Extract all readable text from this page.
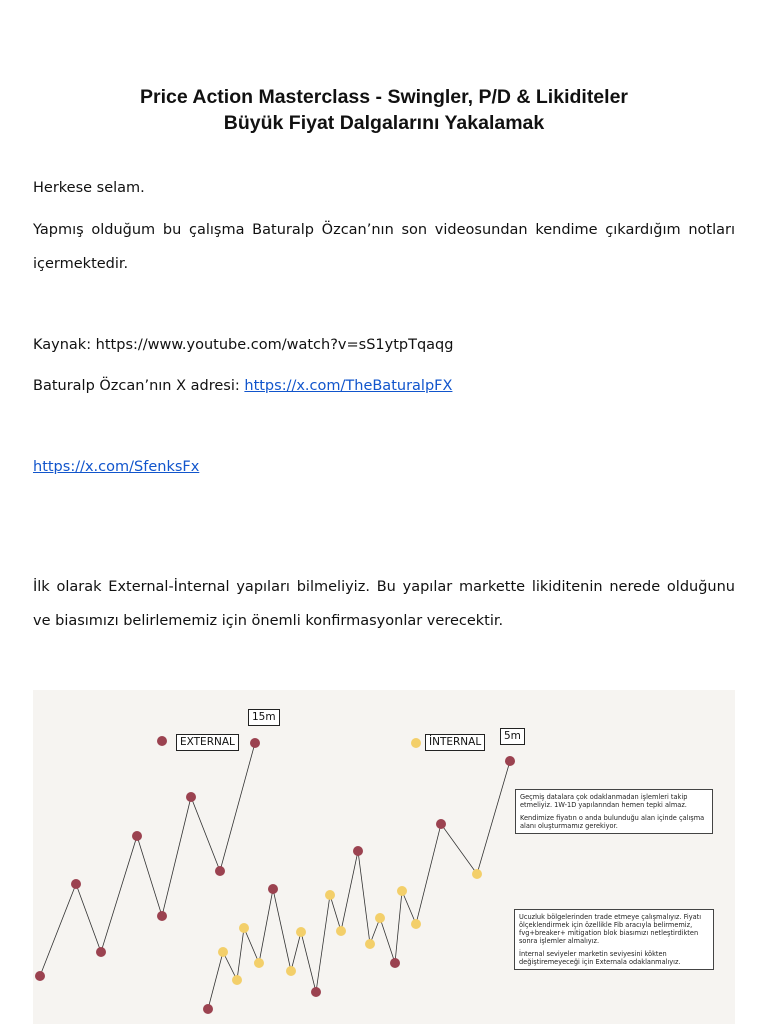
Price Action Masterclass - Swingler, P/D & Likiditeler
Büyük Fiyat Dalgalarını Yakalamak
Herkese selam.
Yapmış olduğum bu çalışma Baturalp Özcan’nın son videosundan kendime çıkardığım notları
içermektedir.
Kaynak: https://www.youtube.com/watch?v=sS1ytpTqaqg
Baturalp Özcan’nın X adresi: https://x.com/TheBaturalpFX
https://x.com/SfenksFx
İlk olarak External-İnternal yapıları bilmeliyiz. Bu yapılar markette likiditenin nerede olduğunu
ve biasımızı belirlememiz için önemli konfirmasyonlar verecektir.
EXTERNAL
15m
İNTERNAL	5m

Geçmiş datalara çok odaklanmadan işlemleri takip etmeliyiz. 1W-1D yapılarından hemen tepki almaz.

Kendimize fiyatın o anda bulunduğu alan içinde çalışma alanı oluşturmamız gerekiyor.

Ucuzluk bölgelerinden trade etmeye çalışmalıyız. Fiyatı ölçeklendirmek için özellikle Fib aracıyla belirmemiz, fvg+breaker+ mitigation blok biasımızı netleştirdikten sonra işlemler almalıyız.

İnternal seviyeler marketin seviyesini kökten değiştiremeyeceği için Externala odaklanmalıyız.
